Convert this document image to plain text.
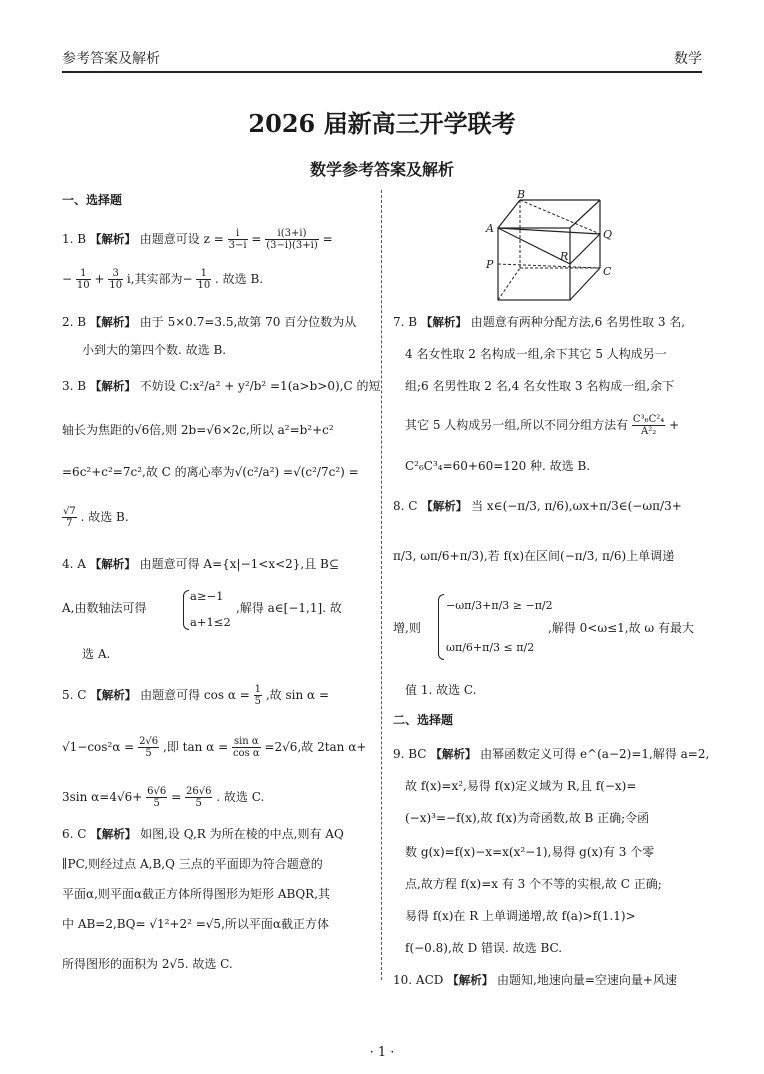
参考答案及解析	数学
2026 届新高三开学联考
数学参考答案及解析
一、选择题
1. B 【解析】 由题意可设 $z = \frac{i}{3-i} = \frac{i(3+i)}{(3-i)(3+i)}$ =
− $\frac{1}{10} + \frac{3}{10} i$,其实部为− $\frac{1}{10}$ . 故选 B.
2. B 【解析】 由于 5×0.7=3.5,故第 70 百分位数为从
小到大的第四个数. 故选 B.
3. B 【解析】 不妨设 C:x²/a² + y²/b² =1(a>b>0),C 的短
轴长为焦距的√6倍,则 2b=√6×2c,所以 a²=b²+c²
=6c²+c²=7c²,故 C 的离心率为√(c²/a²) =√(c²/7c²) =
$\frac{√7}{7}$ . 故选 B.
4. A 【解析】 由题意可得 A={x|−1<x<2},且 B⊆
A,由数轴法可得
a≥−1
a+1≤2
,解得 a∈[−1,1]. 故
选 A.
5. C 【解析】 由题意可得 $\cos \alpha = \frac{1}{5}$ ,故 sin α =
$√1-\cos^2\alpha = \frac{2√6}{5}$ ,即 $\tan \alpha = \frac{\text{sin α}}{\text{cos α}} =2√6$,故 2tan α+
3sin $\alpha=4√6+ \frac{6√6}{5} = \frac{26√6}{5}$ . 故选 C.
6. C 【解析】 如图,设 Q,R 为所在棱的中点,则有 AQ
∥PC,则经过点 A,B,Q 三点的平面即为符合题意的
平面α,则平面α截正方体所得图形为矩形 ABQR,其
中 AB=2,BQ= √1²+2² =√5,所以平面α截正方体
所得图形的面积为 2√5. 故选 C.
B
A	Q
P
R
C
7. B 【解析】 由题意有两种分配方法,6 名男性取 3 名,
4 名女性取 2 名构成一组,余下其它 5 人构成另一
组;6 名男性取 2 名,4 名女性取 3 名构成一组,余下
其它 5 人构成另一组,所以不同分组方法有 $\frac{\text{C³₆C²₄}}{\text{A²₂}}$ +
C²₆C³₄=60+60=120 种. 故选 B.
8. C 【解析】 当 x∈(−π/3, π/6),ωx+π/3∈(−ωπ/3+
π/3, ωπ/6+π/3),若 f(x)在区间(−π/3, π/6)上单调递
增,则
−ωπ/3+π/3 ≥ −π/2
ωπ/6+π/3 ≤ π/2
,解得 0<ω≤1,故 ω 有最大
值 1. 故选 C.
二、选择题
9. BC 【解析】 由幂函数定义可得 e^(a−2)=1,解得 a=2,
故 f(x)=x²,易得 f(x)定义域为 R,且 f(−x)=
(−x)³=−f(x),故 f(x)为奇函数,故 B 正确;令函
数 g(x)=f(x)−x=x(x²−1),易得 g(x)有 3 个零
点,故方程 f(x)=x 有 3 个不等的实根,故 C 正确;
易得 f(x)在 R 上单调递增,故 f(a)>f(1.1)>
f(−0.8),故 D 错误. 故选 BC.
10. ACD 【解析】 由题知,地速向量=空速向量+风速
· 1 ·
